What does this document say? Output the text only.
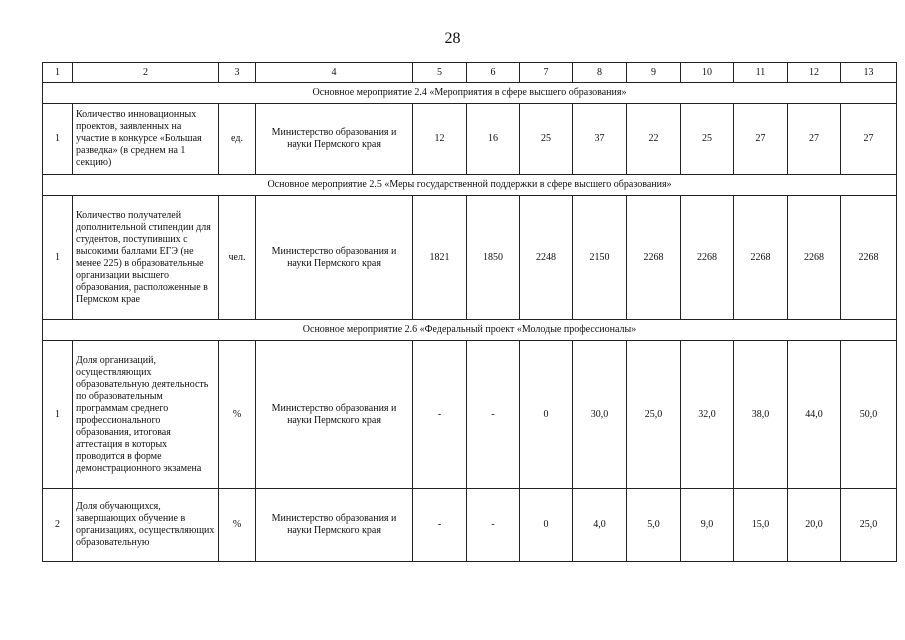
28
1	2	3	4	5	6	7	8	9	10	11	12	13
Основное мероприятие 2.4 «Мероприятия в сфере высшего образования»												
1	Количество инновационных проектов, заявленных на участие в конкурсе «Большая разведка» (в среднем на 1 секцию)	ед.	Министерство образования и науки Пермского края	12	16	25	37	22	25	27	27	27
Основное мероприятие 2.5 «Меры государственной поддержки в сфере высшего образования»												
1	Количество получателей дополнительной стипендии для студентов, поступивших с высокими баллами ЕГЭ (не менее 225) в образовательные организации высшего образования, расположенные в Пермском крае	чел.	Министерство образования и науки Пермского края	1821	1850	2248	2150	2268	2268	2268	2268	2268
Основное мероприятие 2.6 «Федеральный проект «Молодые профессионалы»												
1	Доля организаций, осуществляющих образовательную деятельность по образовательным программам среднего профессионального образования, итоговая аттестация в которых проводится в форме демонстрационного экзамена	%	Министерство образования и науки Пермского края	-	-	0	30,0	25,0	32,0	38,0	44,0	50,0
2	Доля обучающихся, завершающих обучение в организациях, осуществляющих образовательную	%	Министерство образования и науки Пермского края	-	-	0	4,0	5,0	9,0	15,0	20,0	25,0
